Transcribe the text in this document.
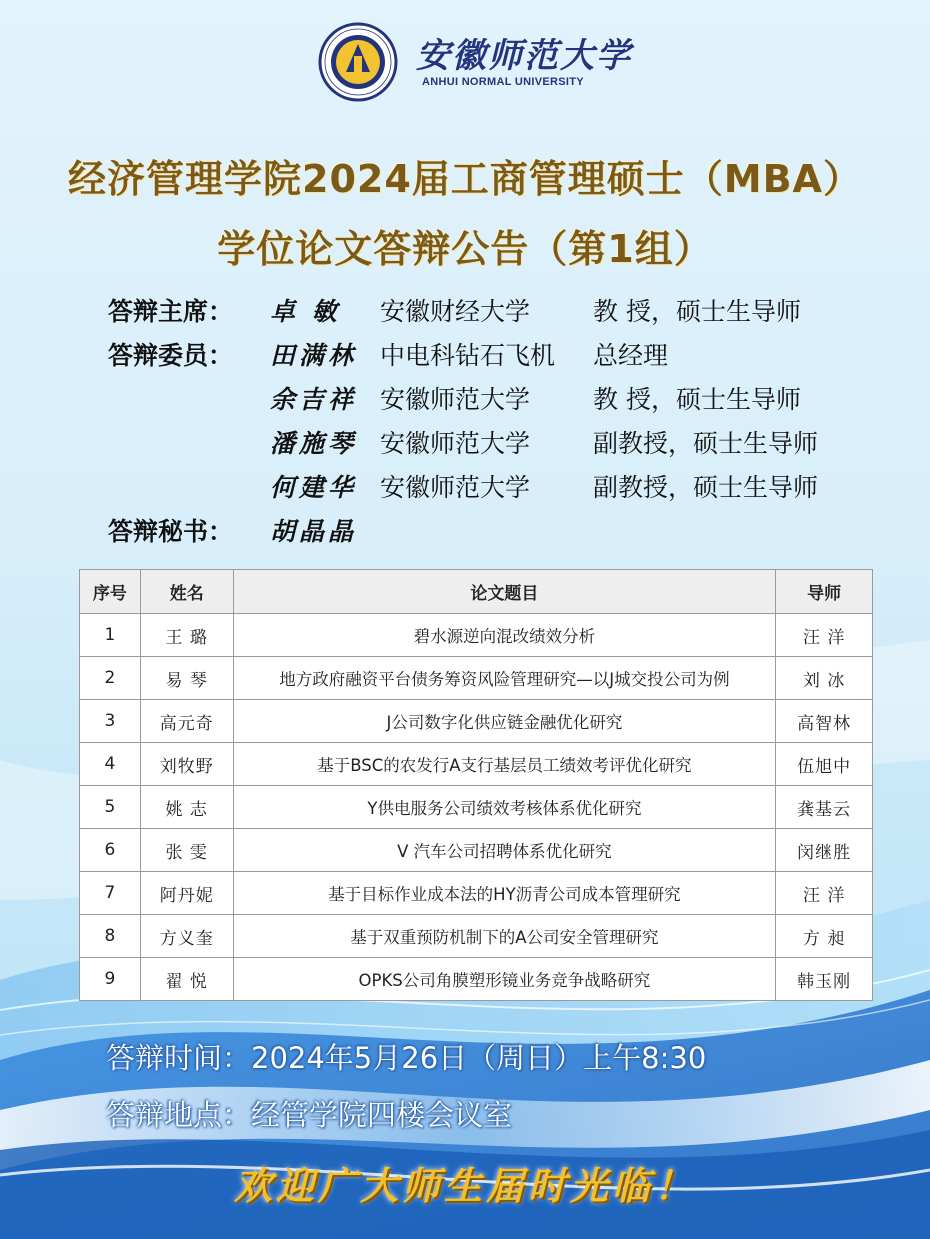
安徽师范大学
ANHUI NORMAL UNIVERSITY
经济管理学院2024届工商管理硕士（MBA）
学位论文答辩公告（第1组）
答辩主席： 卓 敏 安徽财经大学	教 授，硕士生导师
答辩委员： 田满林 中电科钻石飞机 总经理
余吉祥 安徽师范大学	教 授，硕士生导师
潘施琴 安徽师范大学	副教授，硕士生导师
何建华 安徽师范大学	副教授，硕士生导师
答辩秘书： 胡晶晶
序号	姓名	论文题目	导师
1	王 璐	碧水源逆向混改绩效分析	汪 洋
2	易 琴	地方政府融资平台债务筹资风险管理研究—以J城交投公司为例	刘 冰
3	高元奇	J公司数字化供应链金融优化研究	高智林
4	刘牧野	基于BSC的农发行A支行基层员工绩效考评优化研究	伍旭中
5	姚 志	Y供电服务公司绩效考核体系优化研究	龚基云
6	张 雯	V 汽车公司招聘体系优化研究	闵继胜
7	阿丹妮	基于目标作业成本法的HY沥青公司成本管理研究	汪 洋
8	方义奎	基于双重预防机制下的A公司安全管理研究	方 昶
9	翟 悦	OPKS公司角膜塑形镜业务竞争战略研究	韩玉刚
答辩时间：2024年5月26日（周日）上午8:30
答辩地点：经管学院四楼会议室
欢迎广大师生届时光临！
